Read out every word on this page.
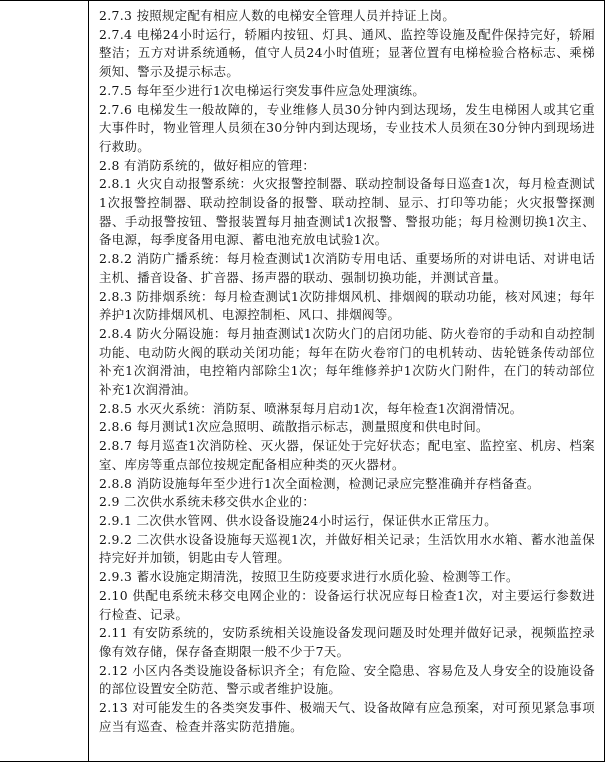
2.7.3 按照规定配有相应人数的电梯安全管理人员并持证上岗。

2.7.4 电梯24小时运行，轿厢内按钮、灯具、通风、监控等设施及配件保持完好，轿厢整洁；五方对讲系统通畅，值守人员24小时值班；显著位置有电梯检验合格标志、乘梯须知、警示及提示标志。

2.7.5 每年至少进行1次电梯运行突发事件应急处理演练。

2.7.6 电梯发生一般故障的，专业维修人员30分钟内到达现场，发生电梯困人或其它重大事件时，物业管理人员须在30分钟内到达现场，专业技术人员须在30分钟内到现场进行救助。

2.8 有消防系统的，做好相应的管理：

2.8.1 火灾自动报警系统：火灾报警控制器、联动控制设备每日巡查1次，每月检查测试1次报警控制器、联动控制设备的报警、联动控制、显示、打印等功能；火灾报警探测器、手动报警按钮、警报装置每月抽查测试1次报警、警报功能；每月检测切换1次主、备电源，每季度备用电源、蓄电池充放电试验1次。

2.8.2 消防广播系统：每月检查测试1次消防专用电话、重要场所的对讲电话、对讲电话主机、播音设备、扩音器、扬声器的联动、强制切换功能，并测试音量。

2.8.3 防排烟系统：每月检查测试1次防排烟风机、排烟阀的联动功能，核对风速；每年养护1次防排烟风机、电源控制柜、风口、排烟阀等。

2.8.4 防火分隔设施：每月抽查测试1次防火门的启闭功能、防火卷帘的手动和自动控制功能、电动防火阀的联动关闭功能；每年在防火卷帘门的电机转动、齿轮链条传动部位补充1次润滑油，电控箱内部除尘1次；每年维修养护1次防火门附件，在门的转动部位补充1次润滑油。

2.8.5 水灭火系统：消防泵、喷淋泵每月启动1次，每年检查1次润滑情况。

2.8.6 每月测试1次应急照明、疏散指示标志，测量照度和供电时间。

2.8.7 每月巡查1次消防栓、灭火器，保证处于完好状态；配电室、监控室、机房、档案室、库房等重点部位按规定配备相应种类的灭火器材。

2.8.8 消防设施每年至少进行1次全面检测，检测记录应完整准确并存档备查。

2.9 二次供水系统未移交供水企业的：

2.9.1 二次供水管网、供水设备设施24小时运行，保证供水正常压力。

2.9.2 二次供水设备设施每天巡视1次，并做好相关记录；生活饮用水水箱、蓄水池盖保持完好并加锁，钥匙由专人管理。

2.9.3 蓄水设施定期清洗，按照卫生防疫要求进行水质化验、检测等工作。

2.10 供配电系统未移交电网企业的：设备运行状况应每日检查1次，对主要运行参数进行检查、记录。

2.11 有安防系统的，安防系统相关设施设备发现问题及时处理并做好记录，视频监控录像有效存储，保存备查期限一般不少于7天。

2.12 小区内各类设施设备标识齐全；有危险、安全隐患、容易危及人身安全的设施设备的部位设置安全防范、警示或者维护设施。

2.13 对可能发生的各类突发事件、极端天气、设备故障有应急预案，对可预见紧急事项应当有巡查、检查并落实防范措施。
